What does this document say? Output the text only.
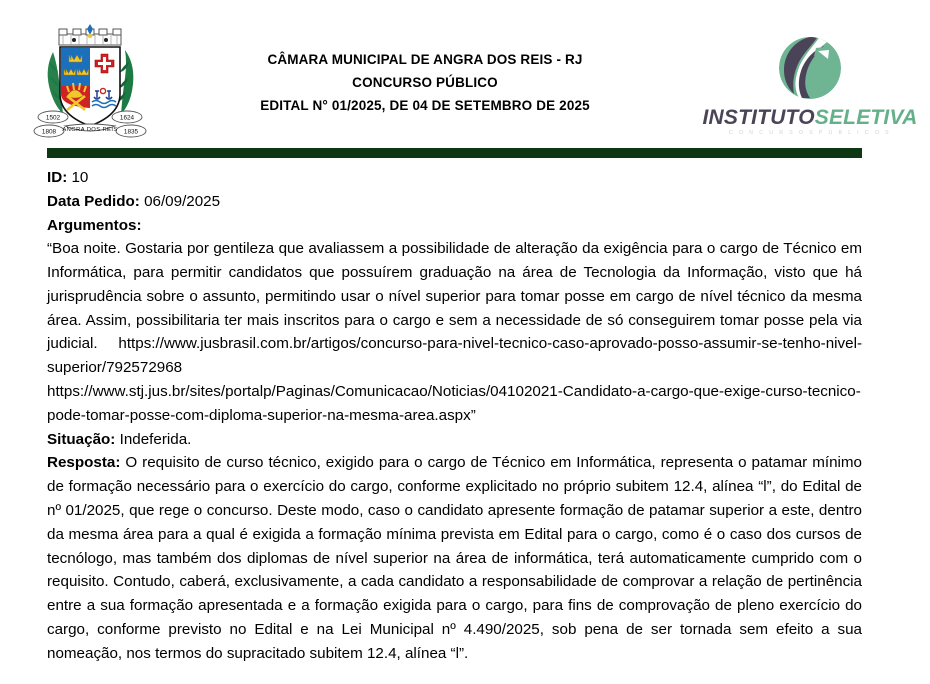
1502	1624
1808	1835
ANGRA DOS REIS
CÂMARA MUNICIPAL DE ANGRA DOS REIS - RJ
CONCURSO PÚBLICO
EDITAL N° 01/2025, DE 04 DE SETEMBRO DE 2025
INSTITUTOSELETIVA
C O N C U R S O S P Ú B L I C O S
ID: 10
Data Pedido: 06/09/2025
Argumentos:

“Boa noite. Gostaria por gentileza que avaliassem a possibilidade de alteração da exigência para o cargo de Técnico em Informática, para permitir candidatos que possuírem graduação na área de Tecnologia da Informação, visto que há jurisprudência sobre o assunto, permitindo usar o nível superior para tomar posse em cargo de nível técnico da mesma área. Assim, possibilitaria ter mais inscritos para o cargo e sem a necessidade de só conseguirem tomar posse pela via judicial. https://www.jusbrasil.com.br/artigos/concurso-para-nivel-tecnico-caso-aprovado-posso-assumir-se-tenho-nivel-superior/792572968

https://www.stj.jus.br/sites/portalp/Paginas/Comunicacao/Noticias/04102021-Candidato-a-cargo-que-exige-curso-tecnico-pode-tomar-posse-com-diploma-superior-na-mesma-area.aspx”

Situação: Indeferida.

Resposta: O requisito de curso técnico, exigido para o cargo de Técnico em Informática, representa o patamar mínimo de formação necessário para o exercício do cargo, conforme explicitado no próprio subitem 12.4, alínea “l”, do Edital de nº 01/2025, que rege o concurso. Deste modo, caso o candidato apresente formação de patamar superior a este, dentro da mesma área para a qual é exigida a formação mínima prevista em Edital para o cargo, como é o caso dos cursos de tecnólogo, mas também dos diplomas de nível superior na área de informática, terá automaticamente cumprido com o requisito. Contudo, caberá, exclusivamente, a cada candidato a responsabilidade de comprovar a relação de pertinência entre a sua formação apresentada e a formação exigida para o cargo, para fins de comprovação de pleno exercício do cargo, conforme previsto no Edital e na Lei Municipal nº 4.490/2025, sob pena de ser tornada sem efeito a sua nomeação, nos termos do supracitado subitem 12.4, alínea “l”.
